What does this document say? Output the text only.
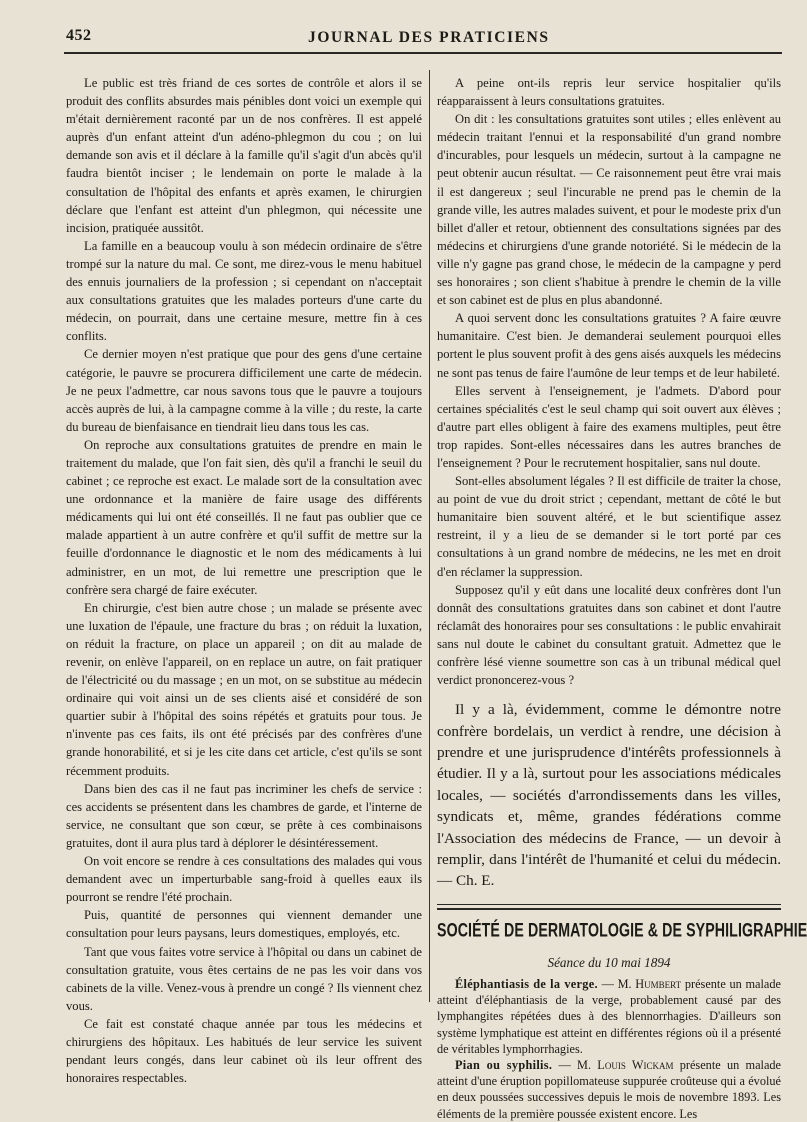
452	JOURNAL DES PRATICIENS

Le public est très friand de ces sortes de contrôle et alors il se produit des conflits absurdes mais pénibles dont voici un exemple qui m'était dernièrement raconté par un de nos confrères. Il est appelé auprès d'un enfant atteint d'un adéno-phlegmon du cou ; on lui demande son avis et il déclare à la famille qu'il s'agit d'un abcès qu'il faudra bientôt inciser ; le lendemain on porte le malade à la consultation de l'hôpital des enfants et après examen, le chirurgien déclare que l'enfant est atteint d'un phlegmon, qui nécessite une incision, pratiquée aussitôt.

La famille en a beaucoup voulu à son médecin ordinaire de s'être trompé sur la nature du mal. Ce sont, me direz-vous le menu habituel des ennuis journaliers de la profession ; si cependant on n'acceptait aux consultations gratuites que les malades porteurs d'une carte du médecin, on pourrait, dans une certaine mesure, mettre fin à ces conflits.

Ce dernier moyen n'est pratique que pour des gens d'une certaine catégorie, le pauvre se procurera difficilement une carte de médecin. Je ne peux l'admettre, car nous savons tous que le pauvre a toujours accès auprès de lui, à la campagne comme à la ville ; du reste, la carte du bureau de bienfaisance en tiendrait lieu dans tous les cas.

On reproche aux consultations gratuites de prendre en main le traitement du malade, que l'on fait sien, dès qu'il a franchi le seuil du cabinet ; ce reproche est exact. Le malade sort de la consultation avec une ordonnance et la manière de faire usage des différents médicaments qui lui ont été conseillés. Il ne faut pas oublier que ce malade appartient à un autre confrère et qu'il suffit de mettre sur la feuille d'ordonnance le diagnostic et le nom des médicaments à lui administrer, en un mot, de lui remettre une prescription que le confrère sera chargé de faire exécuter.

En chirurgie, c'est bien autre chose ; un malade se présente avec une luxation de l'épaule, une fracture du bras ; on réduit la luxation, on réduit la fracture, on place un appareil ; on dit au malade de revenir, on enlève l'appareil, on en replace un autre, on fait pratiquer de l'électricité ou du massage ; en un mot, on se substitue au médecin ordinaire qui voit ainsi un de ses clients aisé et considéré de son quartier subir à l'hôpital des soins répétés et gratuits pour tous. Je n'invente pas ces faits, ils ont été précisés par des confrères d'une grande honorabilité, et si je les cite dans cet article, c'est qu'ils se sont récemment produits.

Dans bien des cas il ne faut pas incriminer les chefs de service : ces accidents se présentent dans les chambres de garde, et l'interne de service, ne consultant que son cœur, se prête à ces combinaisons gratuites, dont il aura plus tard à déplorer le désintéressement.

On voit encore se rendre à ces consultations des malades qui vous demandent avec un imperturbable sang-froid à quelles eaux ils pourront se rendre l'été prochain.

Puis, quantité de personnes qui viennent demander une consultation pour leurs paysans, leurs domestiques, employés, etc.

Tant que vous faites votre service à l'hôpital ou dans un cabinet de consultation gratuite, vous êtes certains de ne pas les voir dans vos cabinets de la ville. Venez-vous à prendre un congé ? Ils viennent chez vous.

Ce fait est constaté chaque année par tous les médecins et chirurgiens des hôpitaux. Les habitués de leur service les suivent pendant leurs congés, dans leur cabinet où ils leur offrent des honoraires respectables.

A peine ont-ils repris leur service hospitalier qu'ils réapparaissent à leurs consultations gratuites.

On dit : les consultations gratuites sont utiles ; elles enlèvent au médecin traitant l'ennui et la responsabilité d'un grand nombre d'incurables, pour lesquels un médecin, surtout à la campagne ne peut obtenir aucun résultat. — Ce raisonnement peut être vrai mais il est dangereux ; seul l'incurable ne prend pas le chemin de la grande ville, les autres malades suivent, et pour le modeste prix d'un billet d'aller et retour, obtiennent des consultations signées par des médecins et chirurgiens d'une grande notoriété. Si le médecin de la ville n'y gagne pas grand chose, le médecin de la campagne y perd ses honoraires ; son client s'habitue à prendre le chemin de la ville et son cabinet est de plus en plus abandonné.

A quoi servent donc les consultations gratuites ? A faire œuvre humanitaire. C'est bien. Je demanderai seulement pourquoi elles portent le plus souvent profit à des gens aisés auxquels les médecins ne sont pas tenus de faire l'aumône de leur temps et de leur habileté.

Elles servent à l'enseignement, je l'admets. D'abord pour certaines spécialités c'est le seul champ qui soit ouvert aux élèves ; d'autre part elles obligent à faire des examens multiples, peut être trop rapides. Sont-elles nécessaires dans les autres branches de l'enseignement ? Pour le recrutement hospitalier, sans nul doute.

Sont-elles absolument légales ? Il est difficile de traiter la chose, au point de vue du droit strict ; cependant, mettant de côté le but humanitaire bien souvent altéré, et le but scientifique assez restreint, il y a lieu de se demander si le tort porté par ces consultations à un grand nombre de médecins, ne les met en droit d'en réclamer la suppression.

Supposez qu'il y eût dans une localité deux confrères dont l'un donnât des consultations gratuites dans son cabinet et dont l'autre réclamât des honoraires pour ses consultations : le public envahirait sans nul doute le cabinet du consultant gratuit. Admettez que le confrère lésé vienne soumettre son cas à un tribunal médical quel verdict prononcerez-vous ?

Il y a là, évidemment, comme le démontre notre confrère bordelais, un verdict à rendre, une décision à prendre et une jurisprudence d'intérêts professionnels à étudier. Il y a là, surtout pour les associations médicales locales, — sociétés d'arrondissements dans les villes, syndicats et, même, grandes fédérations comme l'Association des médecins de France, — un devoir à remplir, dans l'intérêt de l'humanité et celui du médecin. — Ch. E.

SOCIÉTÉ DE DERMATOLOGIE & DE SYPHILIGRAPHIE

Séance du 10 mai 1894

Éléphantiasis de la verge. — M. Humbert présente un malade atteint d'éléphantiasis de la verge, probablement causé par des lymphangites répétées dues à des blennorrhagies. D'ailleurs son système lymphatique est atteint en différentes régions où il a présenté de véritables lymphorrhagies.

Pian ou syphilis. — M. Louis Wickam présente un malade atteint d'une éruption popillomateuse suppurée croûteuse qui a évolué en deux poussées successives depuis le mois de novembre 1893. Les éléments de la première poussée existent encore. Les
